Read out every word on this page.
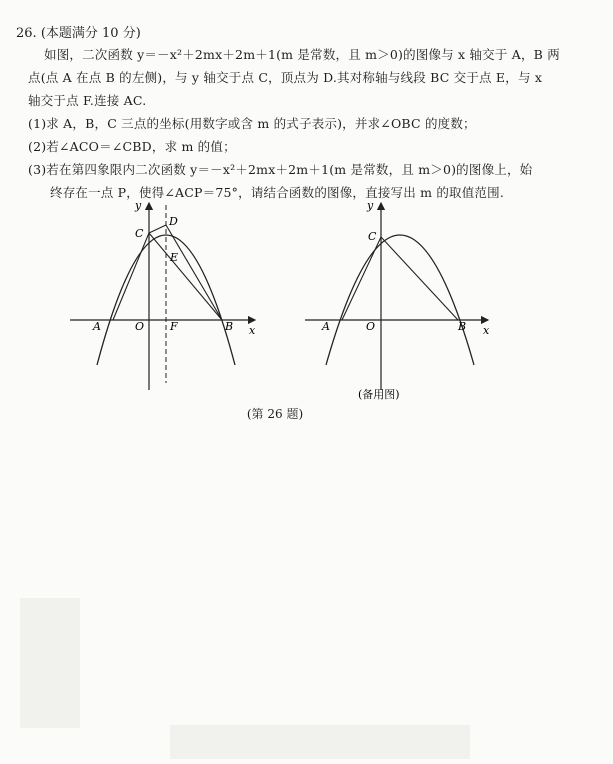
26. (本题满分 10 分)
如图，二次函数 y＝－x²＋2mx＋2m＋1(m 是常数，且 m＞0)的图像与 x 轴交于 A，B 两
点(点 A 在点 B 的左侧)，与 y 轴交于点 C，顶点为 D.其对称轴与线段 BC 交于点 E，与 x
轴交于点 F.连接 AC.
(1)求 A，B，C 三点的坐标(用数字或含 m 的式子表示)，并求∠OBC 的度数；
(2)若∠ACO＝∠CBD，求 m 的值；
(3)若在第四象限内二次函数 y＝－x²＋2mx＋2m＋1(m 是常数，且 m＞0)的图像上，始
终存在一点 P，使得∠ACP＝75°，请结合函数的图像，直接写出 m 的取值范围.
y
x
C
D
E
A	O F	B
y
x
C
A	O	B
(备用图)
(第 26 题)
